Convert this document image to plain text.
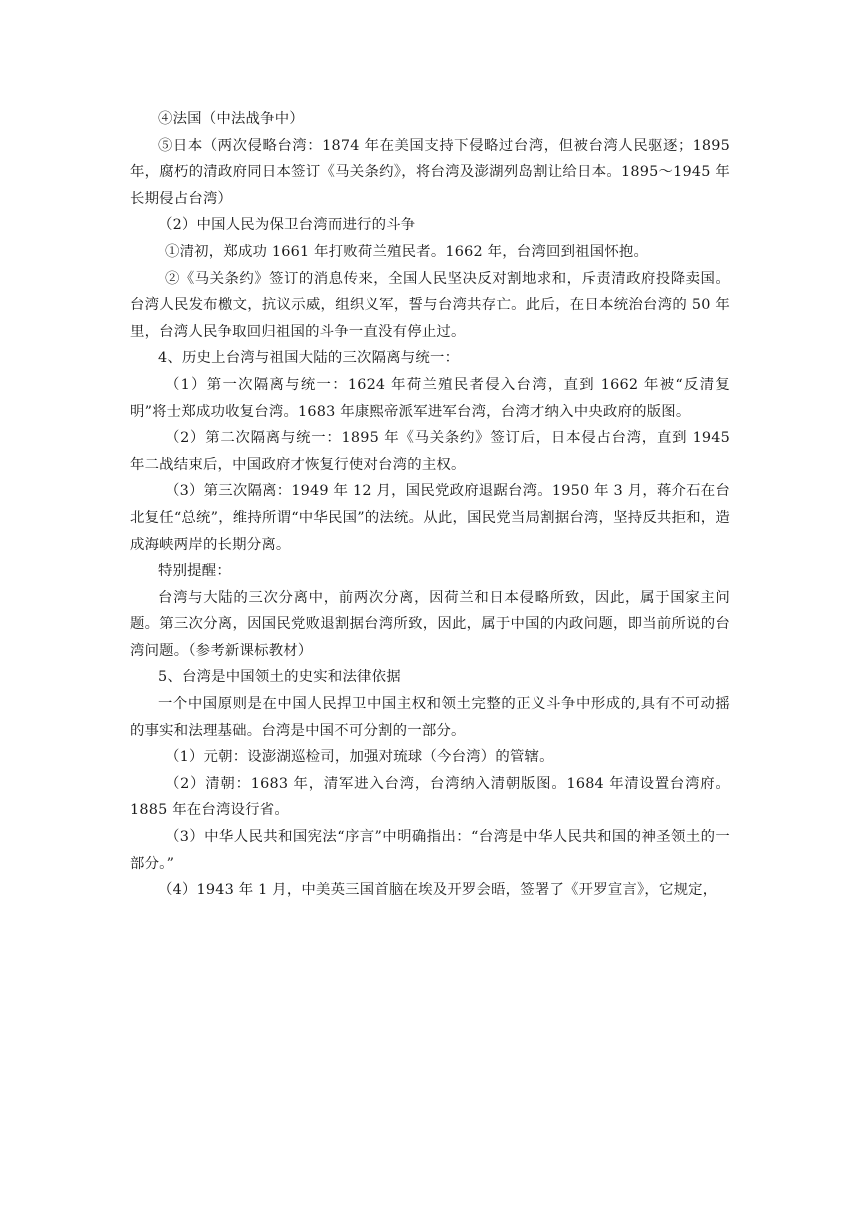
④法国（中法战争中）

⑤日本（两次侵略台湾：1874 年在美国支持下侵略过台湾，但被台湾人民驱逐；1895 年，腐朽的清政府同日本签订《马关条约》，将台湾及澎湖列岛割让给日本。1895～1945 年长期侵占台湾）

（2）中国人民为保卫台湾而进行的斗争

①清初，郑成功 1661 年打败荷兰殖民者。1662 年，台湾回到祖国怀抱。

②《马关条约》签订的消息传来，全国人民坚决反对割地求和，斥责清政府投降卖国。台湾人民发布檄文，抗议示威，组织义军，誓与台湾共存亡。此后，在日本统治台湾的 50 年里，台湾人民争取回归祖国的斗争一直没有停止过。

4、历史上台湾与祖国大陆的三次隔离与统一：

（1）第一次隔离与统一：1624 年荷兰殖民者侵入台湾，直到 1662 年被“反清复明”将士郑成功收复台湾。1683 年康熙帝派军进军台湾，台湾才纳入中央政府的版图。

（2）第二次隔离与统一：1895 年《马关条约》签订后，日本侵占台湾，直到 1945 年二战结束后，中国政府才恢复行使对台湾的主权。

（3）第三次隔离：1949 年 12 月，国民党政府退踞台湾。1950 年 3 月，蒋介石在台北复任“总统”，维持所谓“中华民国”的法统。从此，国民党当局割据台湾，坚持反共拒和，造成海峡两岸的长期分离。

特别提醒：

台湾与大陆的三次分离中，前两次分离，因荷兰和日本侵略所致，因此，属于国家主问题。第三次分离，因国民党败退割据台湾所致，因此，属于中国的内政问题，即当前所说的台湾问题。（参考新课标教材）

5、台湾是中国领土的史实和法律依据

一个中国原则是在中国人民捍卫中国主权和领土完整的正义斗争中形成的,具有不可动摇的事实和法理基础。台湾是中国不可分割的一部分。

（1）元朝：设澎湖巡检司，加强对琉球（今台湾）的管辖。

（2）清朝：1683 年，清军进入台湾，台湾纳入清朝版图。1684 年清设置台湾府。1885 年在台湾设行省。

（3）中华人民共和国宪法“序言”中明确指出：“台湾是中华人民共和国的神圣领土的一部分。”

（4）1943 年 1 月，中美英三国首脑在埃及开罗会晤，签署了《开罗宣言》，它规定，
